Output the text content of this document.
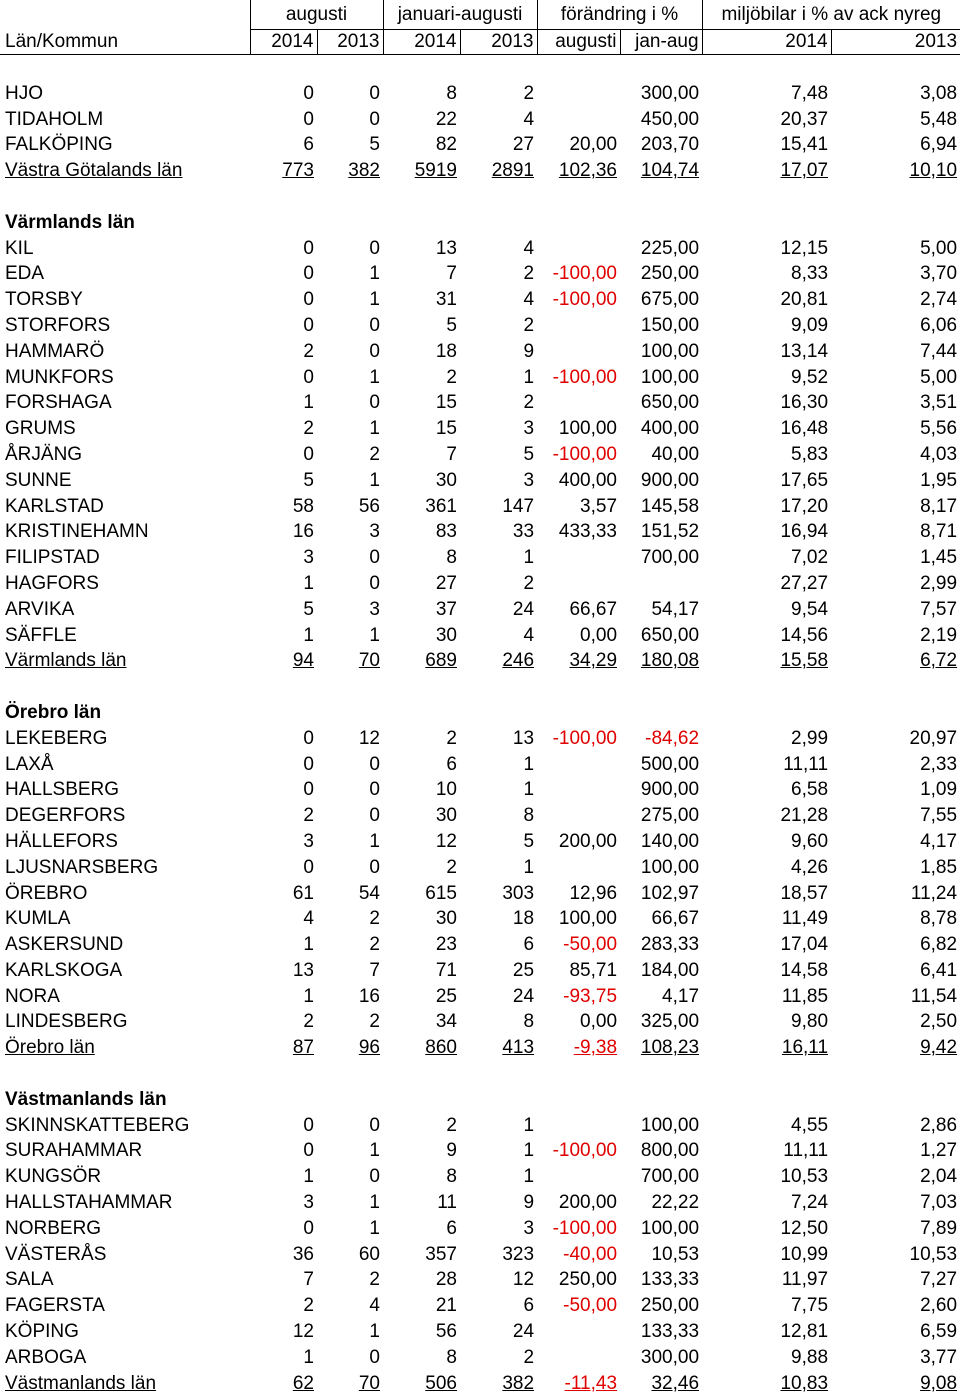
	augusti		januari-augusti		förändring i %		miljöbilar i % av ack nyreg	
Län/Kommun	2014	2013	2014	2013	augusti	jan-aug	2014	2013

HJO	0	0	8	2		300,00	7,48	3,08
TIDAHOLM	0	0	22	4		450,00	20,37	5,48
FALKÖPING	6	5	82	27	20,00	203,70	15,41	6,94
Västra Götalands län	773	382	5919	2891	102,36	104,74	17,07	10,10

Värmlands län								
KIL	0	0	13	4		225,00	12,15	5,00
EDA	0	1	7	2	-100,00	250,00	8,33	3,70
TORSBY	0	1	31	4	-100,00	675,00	20,81	2,74
STORFORS	0	0	5	2		150,00	9,09	6,06
HAMMARÖ	2	0	18	9		100,00	13,14	7,44
MUNKFORS	0	1	2	1	-100,00	100,00	9,52	5,00
FORSHAGA	1	0	15	2		650,00	16,30	3,51
GRUMS	2	1	15	3	100,00	400,00	16,48	5,56
ÅRJÄNG	0	2	7	5	-100,00	40,00	5,83	4,03
SUNNE	5	1	30	3	400,00	900,00	17,65	1,95
KARLSTAD	58	56	361	147	3,57	145,58	17,20	8,17
KRISTINEHAMN	16	3	83	33	433,33	151,52	16,94	8,71
FILIPSTAD	3	0	8	1		700,00	7,02	1,45
HAGFORS	1	0	27	2			27,27	2,99
ARVIKA	5	3	37	24	66,67	54,17	9,54	7,57
SÄFFLE	1	1	30	4	0,00	650,00	14,56	2,19
Värmlands län	94	70	689	246	34,29	180,08	15,58	6,72

Örebro län								
LEKEBERG	0	12	2	13	-100,00	-84,62	2,99	20,97
LAXÅ	0	0	6	1		500,00	11,11	2,33
HALLSBERG	0	0	10	1		900,00	6,58	1,09
DEGERFORS	2	0	30	8		275,00	21,28	7,55
HÄLLEFORS	3	1	12	5	200,00	140,00	9,60	4,17
LJUSNARSBERG	0	0	2	1		100,00	4,26	1,85
ÖREBRO	61	54	615	303	12,96	102,97	18,57	11,24
KUMLA	4	2	30	18	100,00	66,67	11,49	8,78
ASKERSUND	1	2	23	6	-50,00	283,33	17,04	6,82
KARLSKOGA	13	7	71	25	85,71	184,00	14,58	6,41
NORA	1	16	25	24	-93,75	4,17	11,85	11,54
LINDESBERG	2	2	34	8	0,00	325,00	9,80	2,50
Örebro län	87	96	860	413	-9,38	108,23	16,11	9,42

Västmanlands län								
SKINNSKATTEBERG	0	0	2	1		100,00	4,55	2,86
SURAHAMMAR	0	1	9	1	-100,00	800,00	11,11	1,27
KUNGSÖR	1	0	8	1		700,00	10,53	2,04
HALLSTAHAMMAR	3	1	11	9	200,00	22,22	7,24	7,03
NORBERG	0	1	6	3	-100,00	100,00	12,50	7,89
VÄSTERÅS	36	60	357	323	-40,00	10,53	10,99	10,53
SALA	7	2	28	12	250,00	133,33	11,97	7,27
FAGERSTA	2	4	21	6	-50,00	250,00	7,75	2,60
KÖPING	12	1	56	24		133,33	12,81	6,59
ARBOGA	1	0	8	2		300,00	9,88	3,77
Västmanlands län	62	70	506	382	-11,43	32,46	10,83	9,08
